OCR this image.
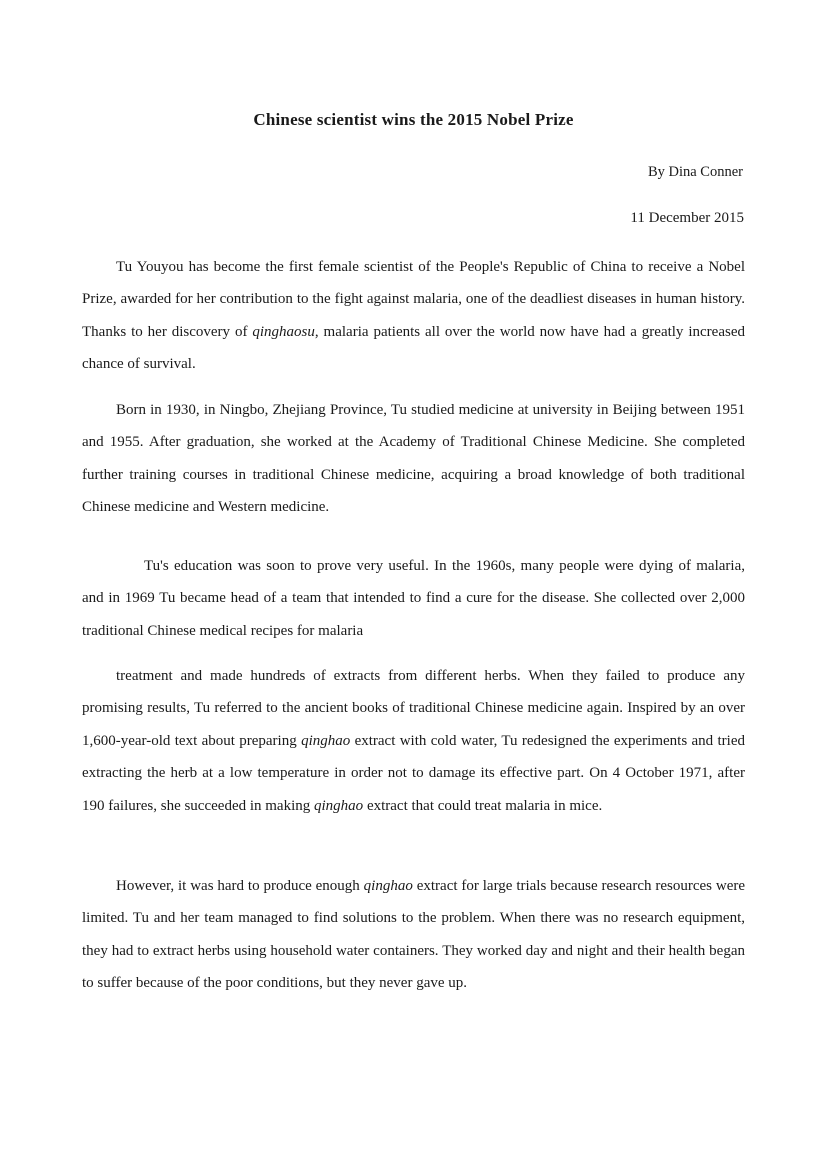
Chinese scientist wins the 2015 Nobel Prize
By Dina Conner
11 December 2015

Tu Youyou has become the first female scientist of the People's Republic of China to receive a Nobel Prize, awarded for her contribution to the fight against malaria, one of the deadliest diseases in human history. Thanks to her discovery of qinghaosu, malaria patients all over the world now have had a greatly increased chance of survival.

Born in 1930, in Ningbo, Zhejiang Province, Tu studied medicine at university in Beijing between 1951 and 1955. After graduation, she worked at the Academy of Traditional Chinese Medicine. She completed further training courses in traditional Chinese medicine, acquiring a broad knowledge of both traditional Chinese medicine and Western medicine.

Tu's education was soon to prove very useful. In the 1960s, many people were dying of malaria, and in 1969 Tu became head of a team that intended to find a cure for the disease. She collected over 2,000 traditional Chinese medical recipes for malaria

treatment and made hundreds of extracts from different herbs. When they failed to produce any promising results, Tu referred to the ancient books of traditional Chinese medicine again. Inspired by an over 1,600-year-old text about preparing qinghao extract with cold water, Tu redesigned the experiments and tried extracting the herb at a low temperature in order not to damage its effective part. On 4 October 1971, after 190 failures, she succeeded in making qinghao extract that could treat malaria in mice.

However, it was hard to produce enough qinghao extract for large trials because research resources were limited. Tu and her team managed to find solutions to the problem. When there was no research equipment, they had to extract herbs using household water containers. They worked day and night and their health began to suffer because of the poor conditions, but they never gave up.
